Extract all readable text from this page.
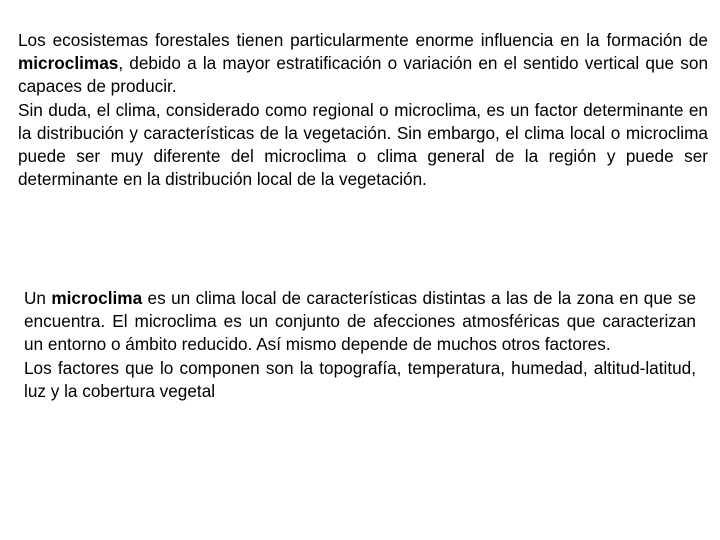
Los ecosistemas forestales tienen particularmente enorme influencia en la formación de microclimas, debido a la mayor estratificación o variación en el sentido vertical que son capaces de producir.

Sin duda, el clima, considerado como regional o microclima, es un factor determinante en la distribución y características de la vegetación. Sin embargo, el clima local o microclima puede ser muy diferente del microclima o clima general de la región y puede ser determinante en la distribución local de la vegetación.

Un microclima es un clima local de características distintas a las de la zona en que se encuentra. El microclima es un conjunto de afecciones atmosféricas que caracterizan un entorno o ámbito reducido. Así mismo depende de muchos otros factores.

Los factores que lo componen son la topografía, temperatura, humedad, altitud-latitud, luz y la cobertura vegetal
